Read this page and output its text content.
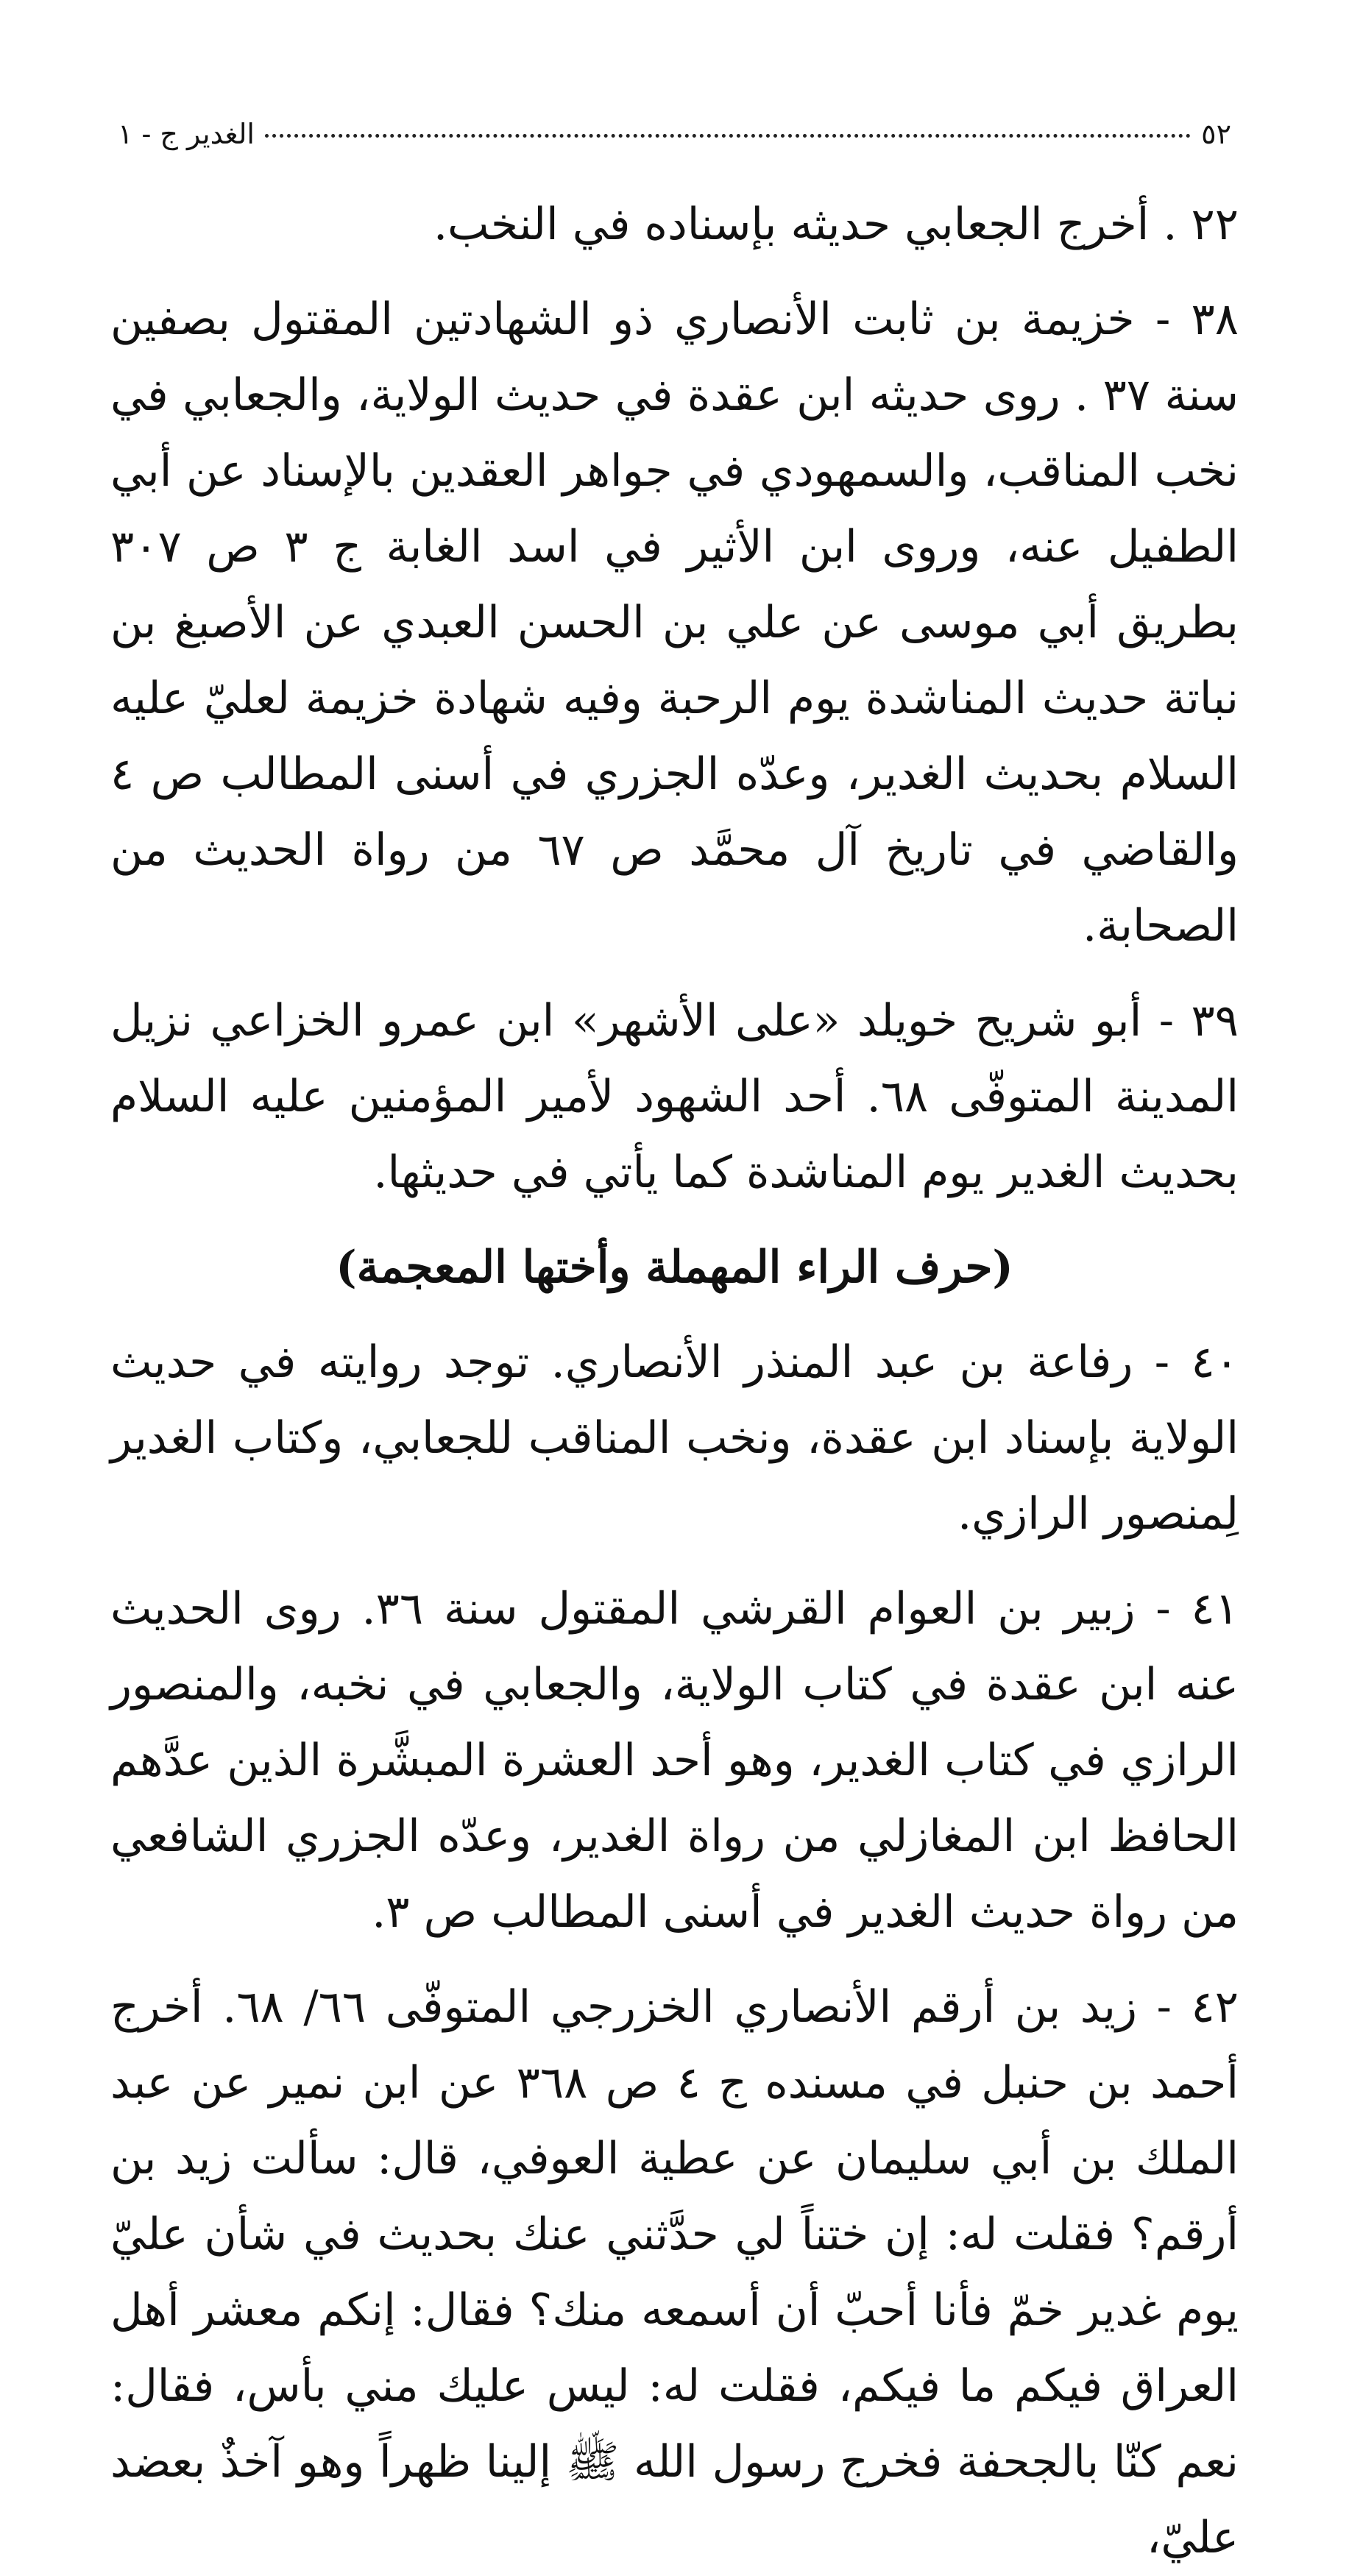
٥٢
الغدير ج - ١

٢٢ . أخرج الجعابي حديثه بإسناده في النخب.

٣٨ - خزيمة بن ثابت الأنصاري ذو الشهادتين المقتول بصفين سنة ٣٧ . روى حديثه ابن عقدة في حديث الولاية، والجعابي في نخب المناقب، والسمهودي في جواهر العقدين بالإسناد عن أبي الطفيل عنه، وروى ابن الأثير في اسد الغابة ج ٣ ص ٣٠٧ بطريق أبي موسى عن علي بن الحسن العبدي عن الأصبغ بن نباتة حديث المناشدة يوم الرحبة وفيه شهادة خزيمة لعليّ عليه السلام بحديث الغدير، وعدّه الجزري في أسنى المطالب ص ٤ والقاضي في تاريخ آل محمَّد ص ٦٧ من رواة الحديث من الصحابة.

٣٩ - أبو شريح خويلد «على الأشهر» ابن عمرو الخزاعي نزيل المدينة المتوفّى ٦٨. أحد الشهود لأمير المؤمنين عليه السلام بحديث الغدير يوم المناشدة كما يأتي في حديثها.

(حرف الراء المهملة وأختها المعجمة)

٤٠ - رفاعة بن عبد المنذر الأنصاري. توجد روايته في حديث الولاية بإسناد ابن عقدة، ونخب المناقب للجعابي، وكتاب الغدير لِمنصور الرازي.

٤١ - زبير بن العوام القرشي المقتول سنة ٣٦. روى الحديث عنه ابن عقدة في كتاب الولاية، والجعابي في نخبه، والمنصور الرازي في كتاب الغدير، وهو أحد العشرة المبشَّرة الذين عدَّهم الحافظ ابن المغازلي من رواة الغدير، وعدّه الجزري الشافعي من رواة حديث الغدير في أسنى المطالب ص ٣.

٤٢ - زيد بن أرقم الأنصاري الخزرجي المتوفّى ٦٦/ ٦٨. أخرج أحمد بن حنبل في مسنده ج ٤ ص ٣٦٨ عن ابن نمير عن عبد الملك بن أبي سليمان عن عطية العوفي، قال: سألت زيد بن أرقم؟ فقلت له: إن ختناً لي حدَّثني عنك بحديث في شأن عليّ يوم غدير خمّ فأنا أحبّ أن أسمعه منك؟ فقال: إنكم معشر أهل العراق فيكم ما فيكم، فقلت له: ليس عليك مني بأس، فقال: نعم كنّا بالجحفة فخرج رسول الله ﷺ إلينا ظهراً وهو آخذٌ بعضد عليّ،
